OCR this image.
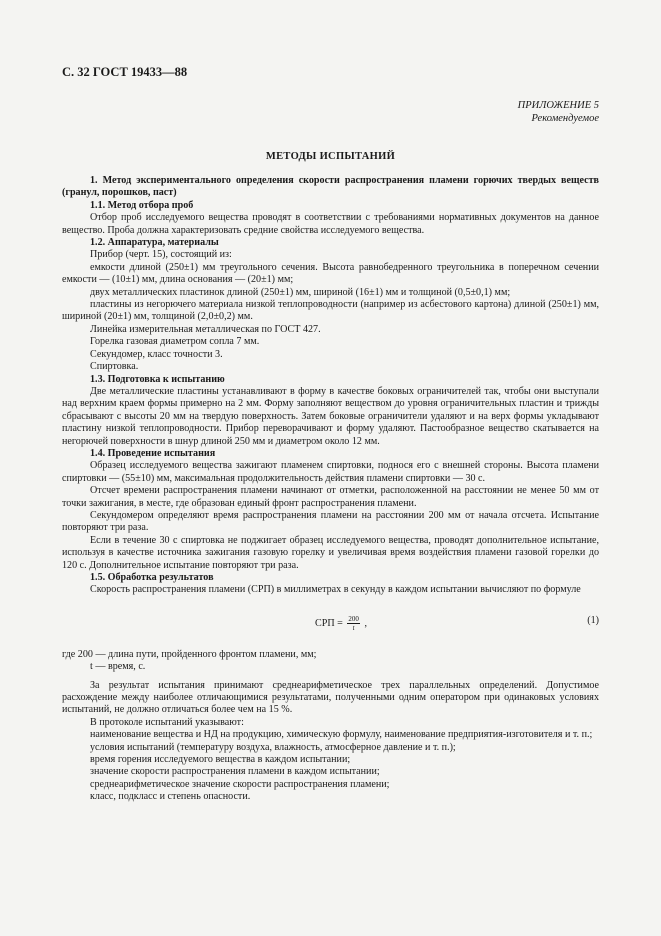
С. 32 ГОСТ 19433—88
ПРИЛОЖЕНИЕ 5
Рекомендуемое
МЕТОДЫ ИСПЫТАНИЙ

1. Метод экспериментального определения скорости распространения пламени горючих твердых веществ (гранул, порошков, паст)

1.1. Метод отбора проб

Отбор проб исследуемого вещества проводят в соответствии с требованиями нормативных документов на данное вещество. Проба должна характеризовать средние свойства исследуемого вещества.

1.2. Аппаратура, материалы

Прибор (черт. 15), состоящий из:

емкости длиной (250±1) мм треугольного сечения. Высота равнобедренного треугольника в поперечном сечении емкости — (10±1) мм, длина основания — (20±1) мм;

двух металлических пластинок длиной (250±1) мм, шириной (16±1) мм и толщиной (0,5±0,1) мм;

пластины из негорючего материала низкой теплопроводности (например из асбестового картона) длиной (250±1) мм, шириной (20±1) мм, толщиной (2,0±0,2) мм.

Линейка измерительная металлическая по ГОСТ 427.

Горелка газовая диаметром сопла 7 мм.

Секундомер, класс точности 3.

Спиртовка.

1.3. Подготовка к испытанию

Две металлические пластины устанавливают в форму в качестве боковых ограничителей так, чтобы они выступали над верхним краем формы примерно на 2 мм. Форму заполняют веществом до уровня ограничительных пластин и трижды сбрасывают с высоты 20 мм на твердую поверхность. Затем боковые ограничители удаляют и на верх формы укладывают пластину низкой теплопроводности. Прибор переворачивают и форму удаляют. Пастообразное вещество скатывается на негорючей поверхности в шнур длиной 250 мм и диаметром около 12 мм.

1.4. Проведение испытания

Образец исследуемого вещества зажигают пламенем спиртовки, поднося его с внешней стороны. Высота пламени спиртовки — (55±10) мм, максимальная продолжительность действия пламени спиртовки — 30 с.

Отсчет времени распространения пламени начинают от отметки, расположенной на расстоянии не менее 50 мм от точки зажигания, в месте, где образован единый фронт распространения пламени.

Секундомером определяют время распространения пламени на расстоянии 200 мм от начала отсчета. Испытание повторяют три раза.

Если в течение 30 с спиртовка не поджигает образец исследуемого вещества, проводят дополнительное испытание, используя в качестве источника зажигания газовую горелку и увеличивая время воздействия пламени газовой горелки до 120 с. Дополнительное испытание повторяют три раза.

1.5. Обработка результатов

Скорость распространения пламени (СРП) в миллиметрах в секунду в каждом испытании вычисляют по формуле

СРП = $\frac{200}{t}$ ,	(1)

где 200 — длина пути, пройденного фронтом пламени, мм;

t — время, с.

За результат испытания принимают среднеарифметическое трех параллельных определений. Допустимое расхождение между наиболее отличающимися результатами, полученными одним оператором при одинаковых условиях испытаний, не должно отличаться более чем на 15 %.

В протоколе испытаний указывают:

наименование вещества и НД на продукцию, химическую формулу, наименование предприятия-изготовителя и т. п.;

условия испытаний (температуру воздуха, влажность, атмосферное давление и т. п.);

время горения исследуемого вещества в каждом испытании;

значение скорости распространения пламени в каждом испытании;

среднеарифметическое значение скорости распространения пламени;

класс, подкласс и степень опасности.
